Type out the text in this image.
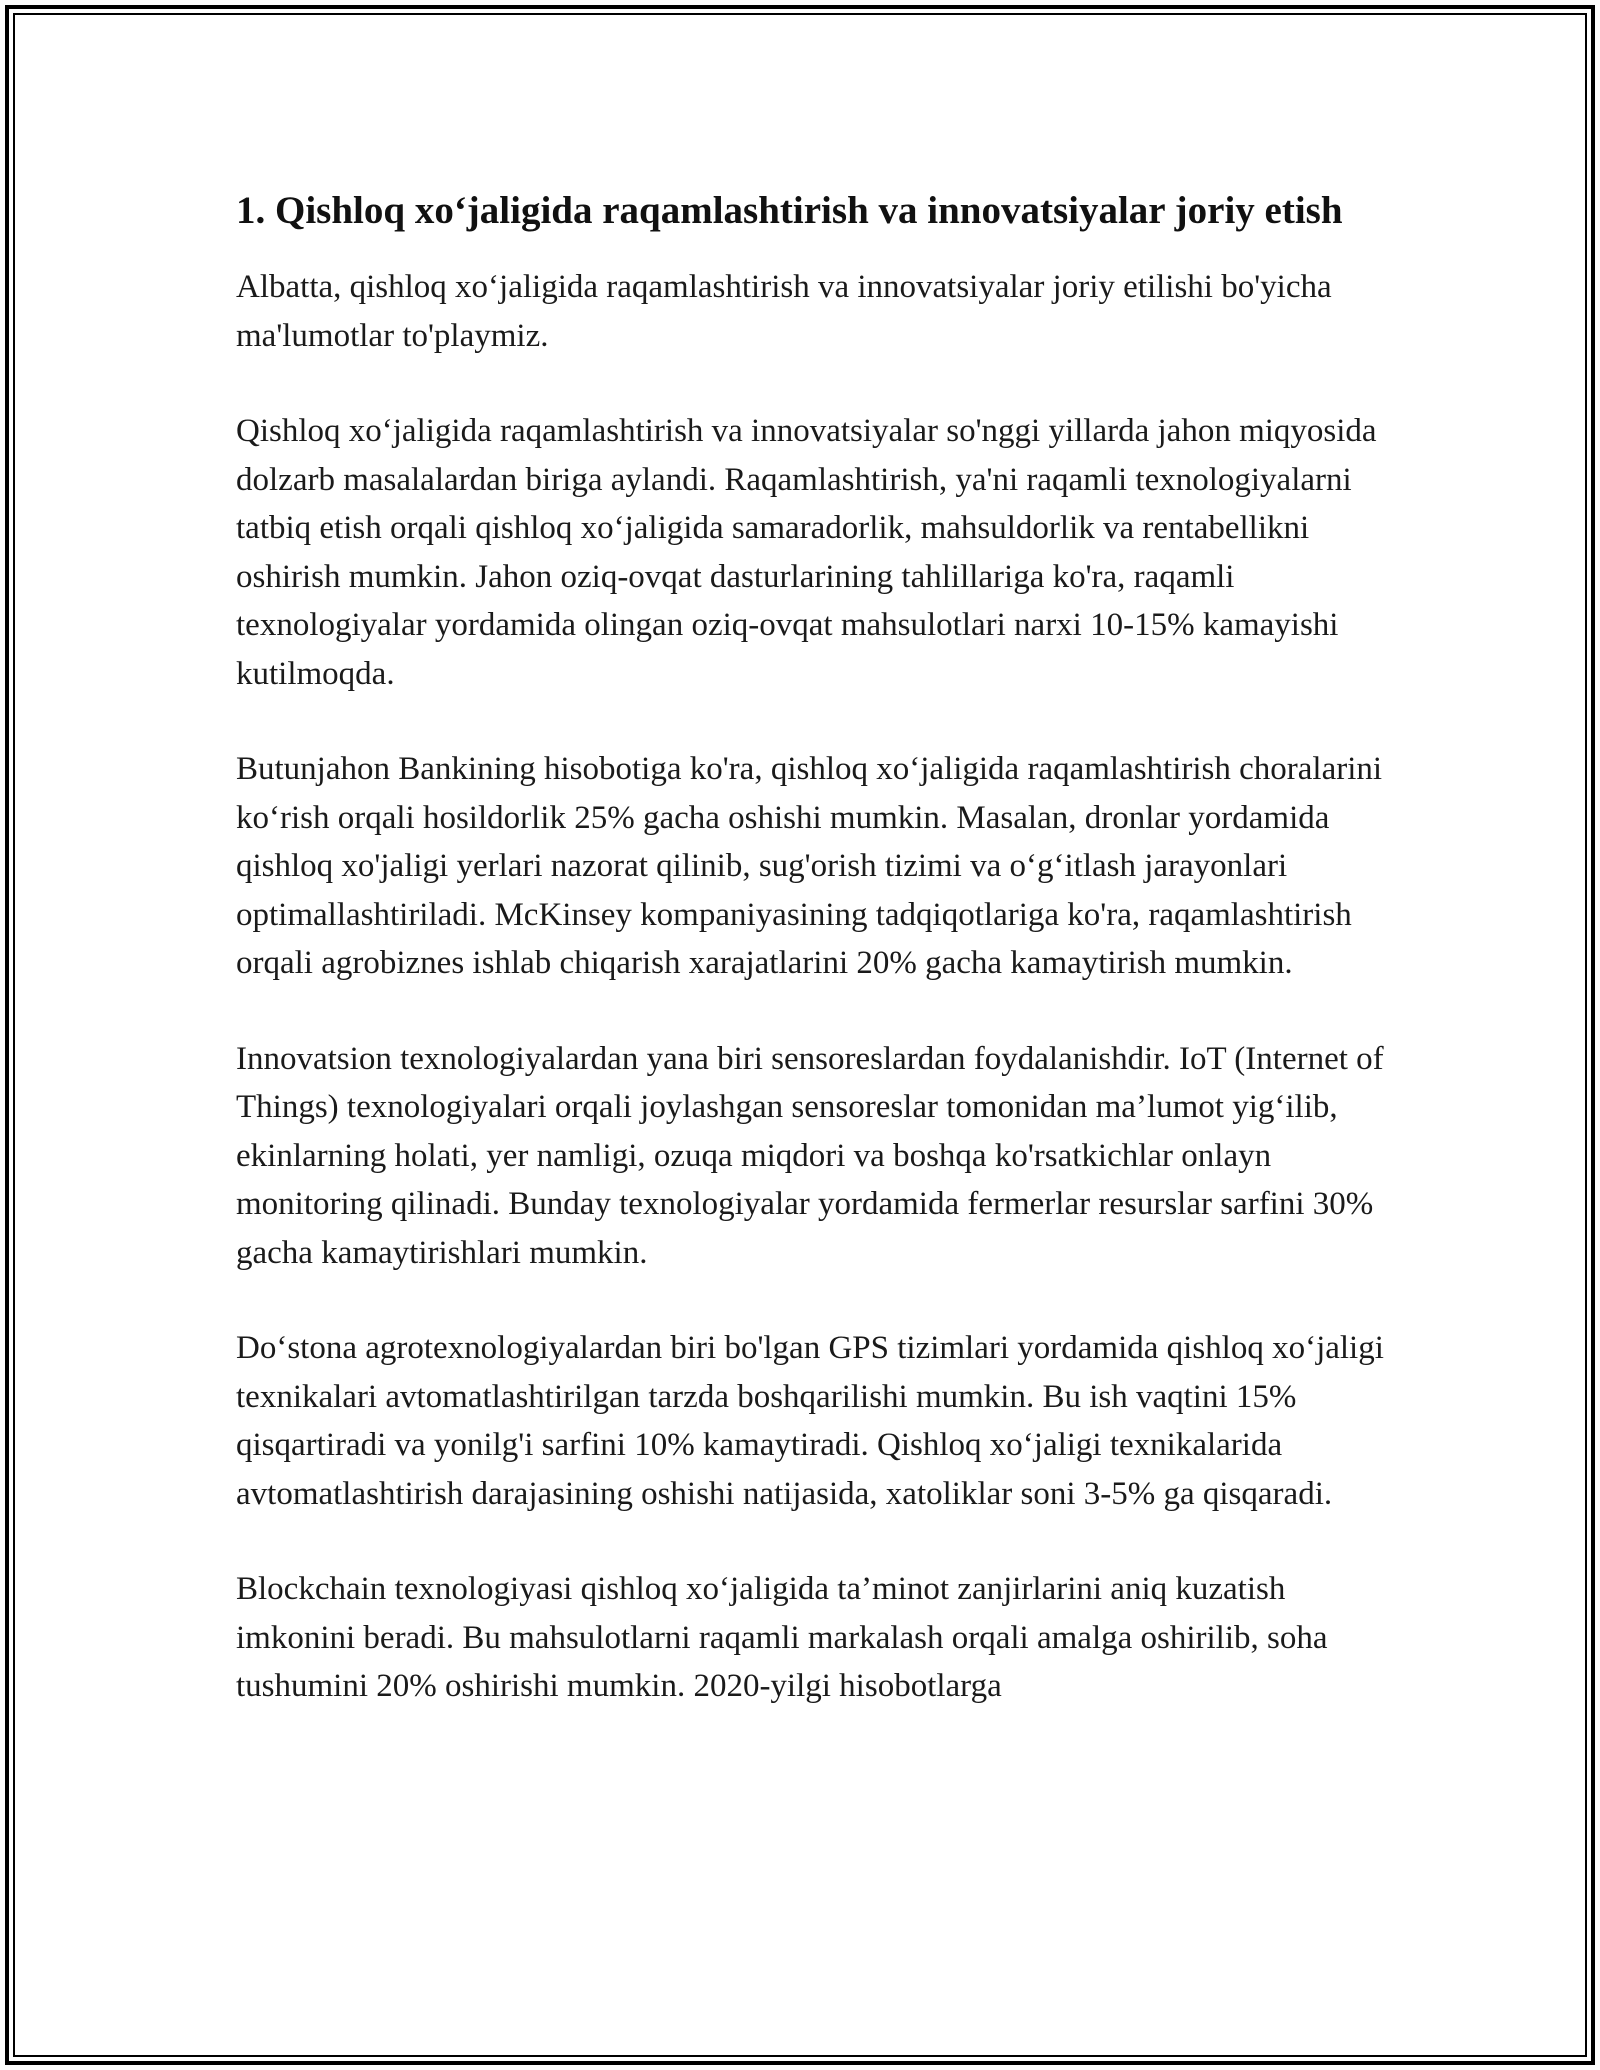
1. Qishloq xo‘jaligida raqamlashtirish va innovatsiyalar joriy etish

Albatta, qishloq xo‘jaligida raqamlashtirish va innovatsiyalar joriy etilishi bo'yicha ma'lumotlar to'playmiz.

Qishloq xo‘jaligida raqamlashtirish va innovatsiyalar so'nggi yillarda jahon miqyosida dolzarb masalalardan biriga aylandi. Raqamlashtirish, ya'ni raqamli texnologiyalarni tatbiq etish orqali qishloq xo‘jaligida samaradorlik, mahsuldorlik va rentabellikni oshirish mumkin. Jahon oziq-ovqat dasturlarining tahlillariga ko'ra, raqamli texnologiyalar yordamida olingan oziq-ovqat mahsulotlari narxi 10-15% kamayishi kutilmoqda.

Butunjahon Bankining hisobotiga ko'ra, qishloq xo‘jaligida raqamlashtirish choralarini ko‘rish orqali hosildorlik 25% gacha oshishi mumkin. Masalan, dronlar yordamida qishloq xo'jaligi yerlari nazorat qilinib, sug'orish tizimi va o‘g‘itlash jarayonlari optimallashtiriladi. McKinsey kompaniyasining tadqiqotlariga ko'ra, raqamlashtirish orqali agrobiznes ishlab chiqarish xarajatlarini 20% gacha kamaytirish mumkin.

Innovatsion texnologiyalardan yana biri sensoreslardan foydalanishdir. IoT (Internet of Things) texnologiyalari orqali joylashgan sensoreslar tomonidan ma’lumot yig‘ilib, ekinlarning holati, yer namligi, ozuqa miqdori va boshqa ko'rsatkichlar onlayn monitoring qilinadi. Bunday texnologiyalar yordamida fermerlar resurslar sarfini 30% gacha kamaytirishlari mumkin.

Do‘stona agrotexnologiyalardan biri bo'lgan GPS tizimlari yordamida qishloq xo‘jaligi texnikalari avtomatlashtirilgan tarzda boshqarilishi mumkin. Bu ish vaqtini 15% qisqartiradi va yonilg'i sarfini 10% kamaytiradi. Qishloq xo‘jaligi texnikalarida avtomatlashtirish darajasining oshishi natijasida, xatoliklar soni 3-5% ga qisqaradi.

Blockchain texnologiyasi qishloq xo‘jaligida ta’minot zanjirlarini aniq kuzatish imkonini beradi. Bu mahsulotlarni raqamli markalash orqali amalga oshirilib, soha tushumini 20% oshirishi mumkin. 2020-yilgi hisobotlarga
